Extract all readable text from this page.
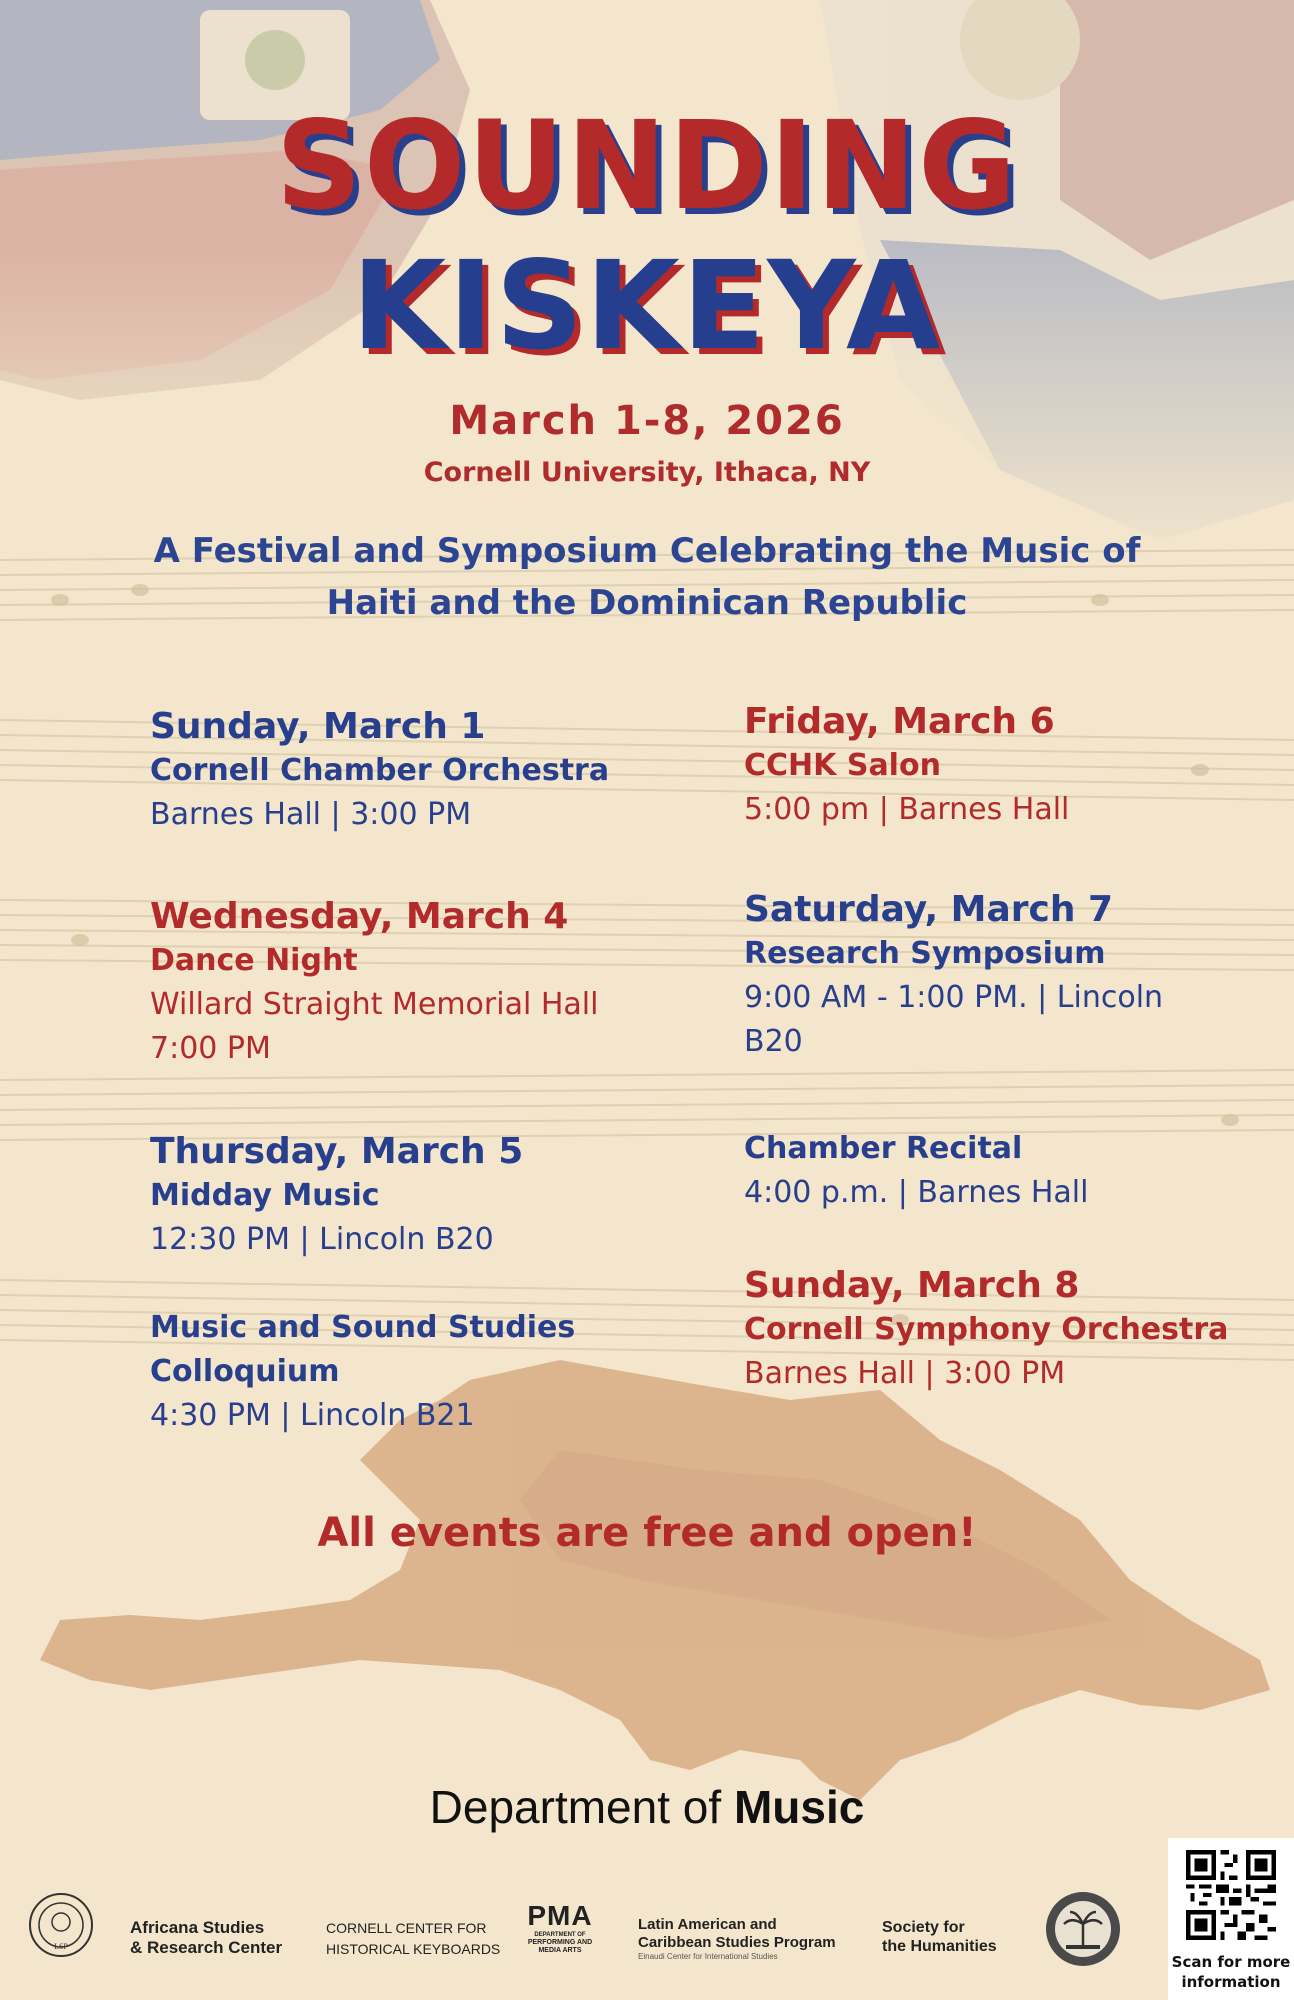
SOUNDING
KISKEYA
March 1-8, 2026
Cornell University, Ithaca, NY
A Festival and Symposium Celebrating the Music of
Haiti and the Dominican Republic
Sunday, March 1
Cornell Chamber Orchestra
Barnes Hall | 3:00 PM
Wednesday, March 4
Dance Night
Willard Straight Memorial Hall
7:00 PM
Thursday, March 5
Midday Music
12:30 PM | Lincoln B20
Music and Sound Studies
Colloquium
4:30 PM | Lincoln B21
Friday, March 6
CCHK Salon
5:00 pm | Barnes Hall
Saturday, March 7
Research Symposium
9:00 AM - 1:00 PM. | Lincoln
B20
Chamber Recital
4:00 p.m. | Barnes Hall
Sunday, March 8
Cornell Symphony Orchestra
Barnes Hall | 3:00 PM
All events are free and open!
Department of Music
LSP
Africana Studies
& Research Center
CORNELL CENTER FOR
HISTORICAL KEYBOARDS
PMA
DEPARTMENT OF
PERFORMING AND
MEDIA ARTS
Latin American and
Caribbean Studies Program
Einaudi Center for International Studies
Society for
the Humanities
Scan for more
information
